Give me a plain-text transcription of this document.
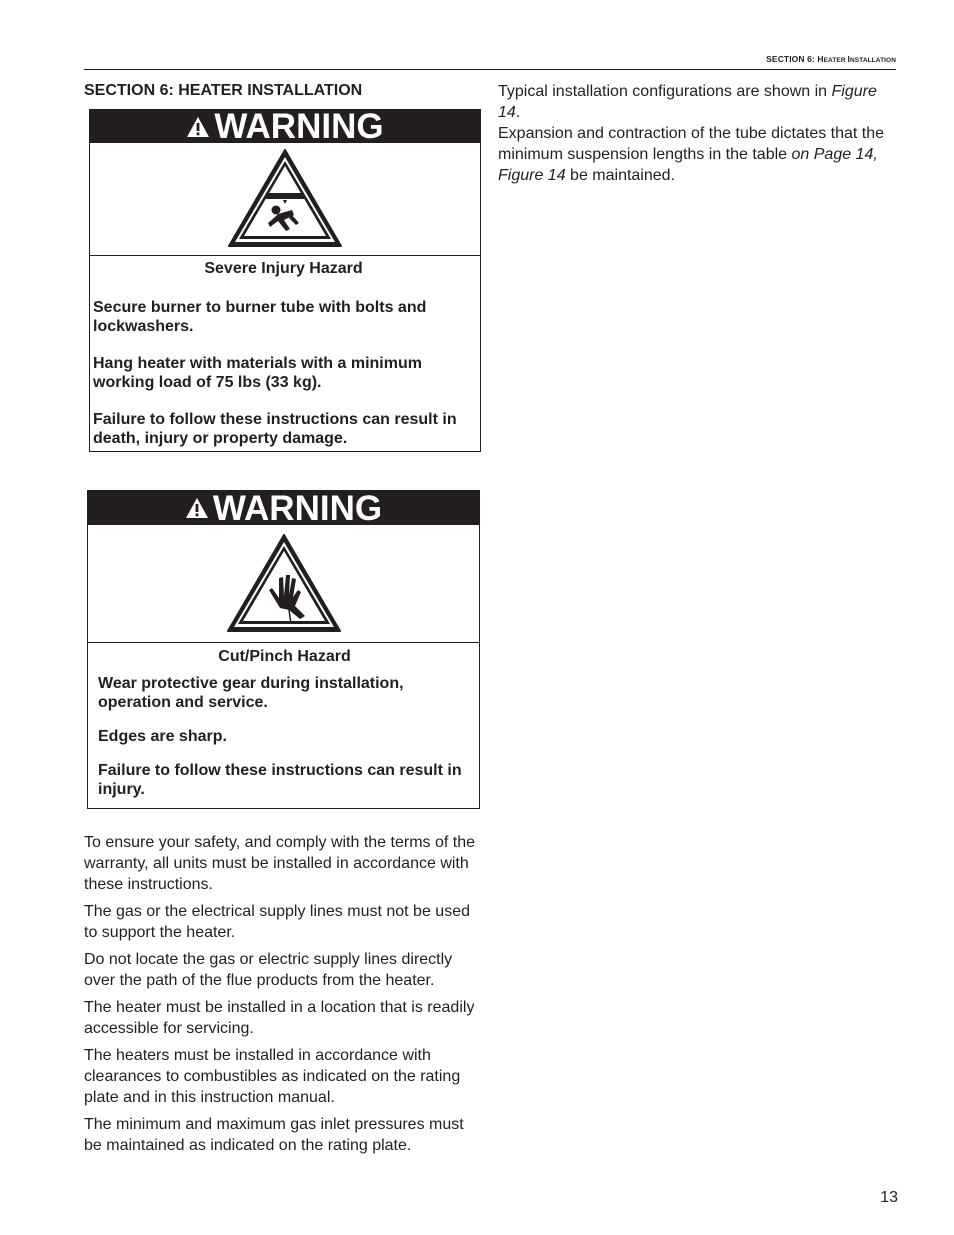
SECTION 6: HEATER INSTALLATION
SECTION 6: HEATER INSTALLATION
WARNING
Severe Injury Hazard

Secure burner to burner tube with bolts and lockwashers.

Hang heater with materials with a minimum working load of 75 lbs (33 kg).

Failure to follow these instructions can result in death, injury or property damage.

WARNING
Cut/Pinch Hazard

Wear protective gear during installation, operation and service.

Edges are sharp.

Failure to follow these instructions can result in injury.

To ensure your safety, and comply with the terms of the warranty, all units must be installed in accordance with these instructions.

The gas or the electrical supply lines must not be used to support the heater.

Do not locate the gas or electric supply lines directly over the path of the flue products from the heater.

The heater must be installed in a location that is readily accessible for servicing.

The heaters must be installed in accordance with clearances to combustibles as indicated on the rating plate and in this instruction manual.

The minimum and maximum gas inlet pressures must be maintained as indicated on the rating plate.

Typical installation configurations are shown in Figure 14.

Expansion and contraction of the tube dictates that the minimum suspension lengths in the table on Page 14, Figure 14 be maintained.

13
